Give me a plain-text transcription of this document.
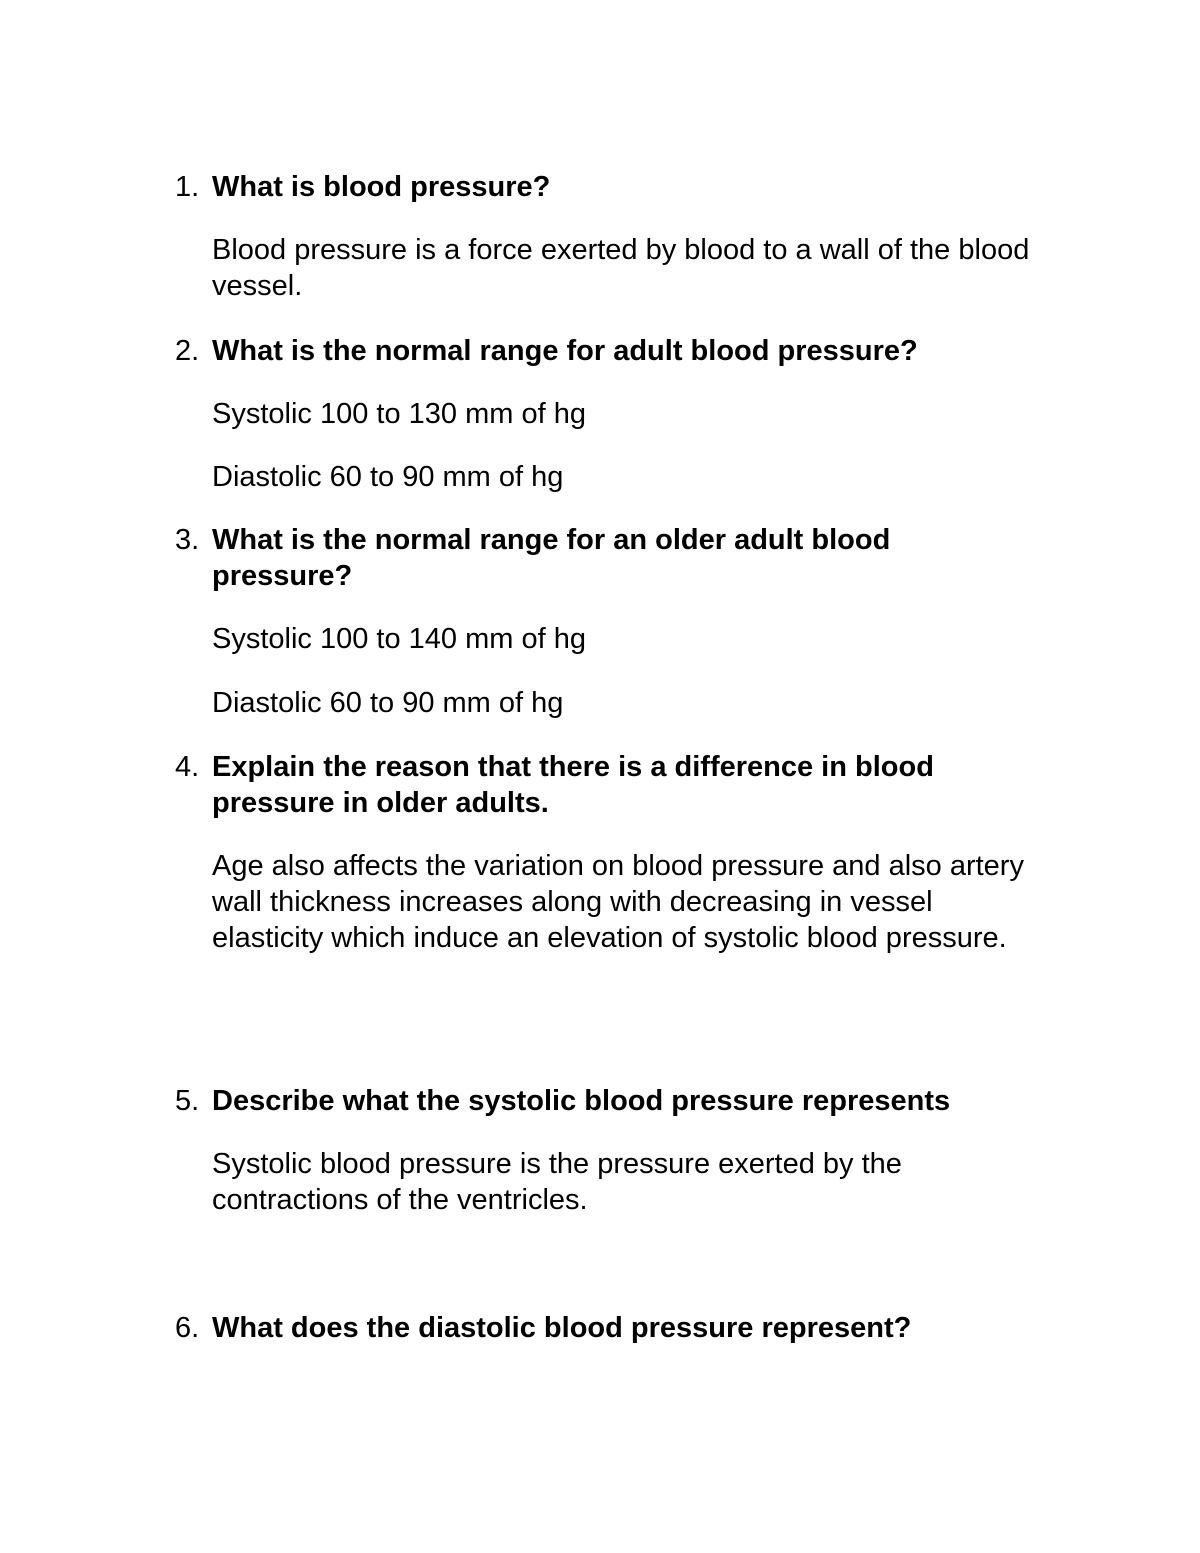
1. What is blood pressure?

Blood pressure is a force exerted by blood to a wall of the blood vessel.

2. What is the normal range for adult blood pressure?

Systolic 100 to 130 mm of hg

Diastolic 60 to 90 mm of hg

3. What is the normal range for an older adult blood pressure?

Systolic 100 to 140 mm of hg

Diastolic 60 to 90 mm of hg

4. Explain the reason that there is a difference in blood pressure in older adults.

Age also affects the variation on blood pressure and also artery wall thickness increases along with decreasing in vessel elasticity which induce an elevation of systolic blood pressure.

5. Describe what the systolic blood pressure represents

Systolic blood pressure is the pressure exerted by the contractions of the ventricles.

6. What does the diastolic blood pressure represent?
